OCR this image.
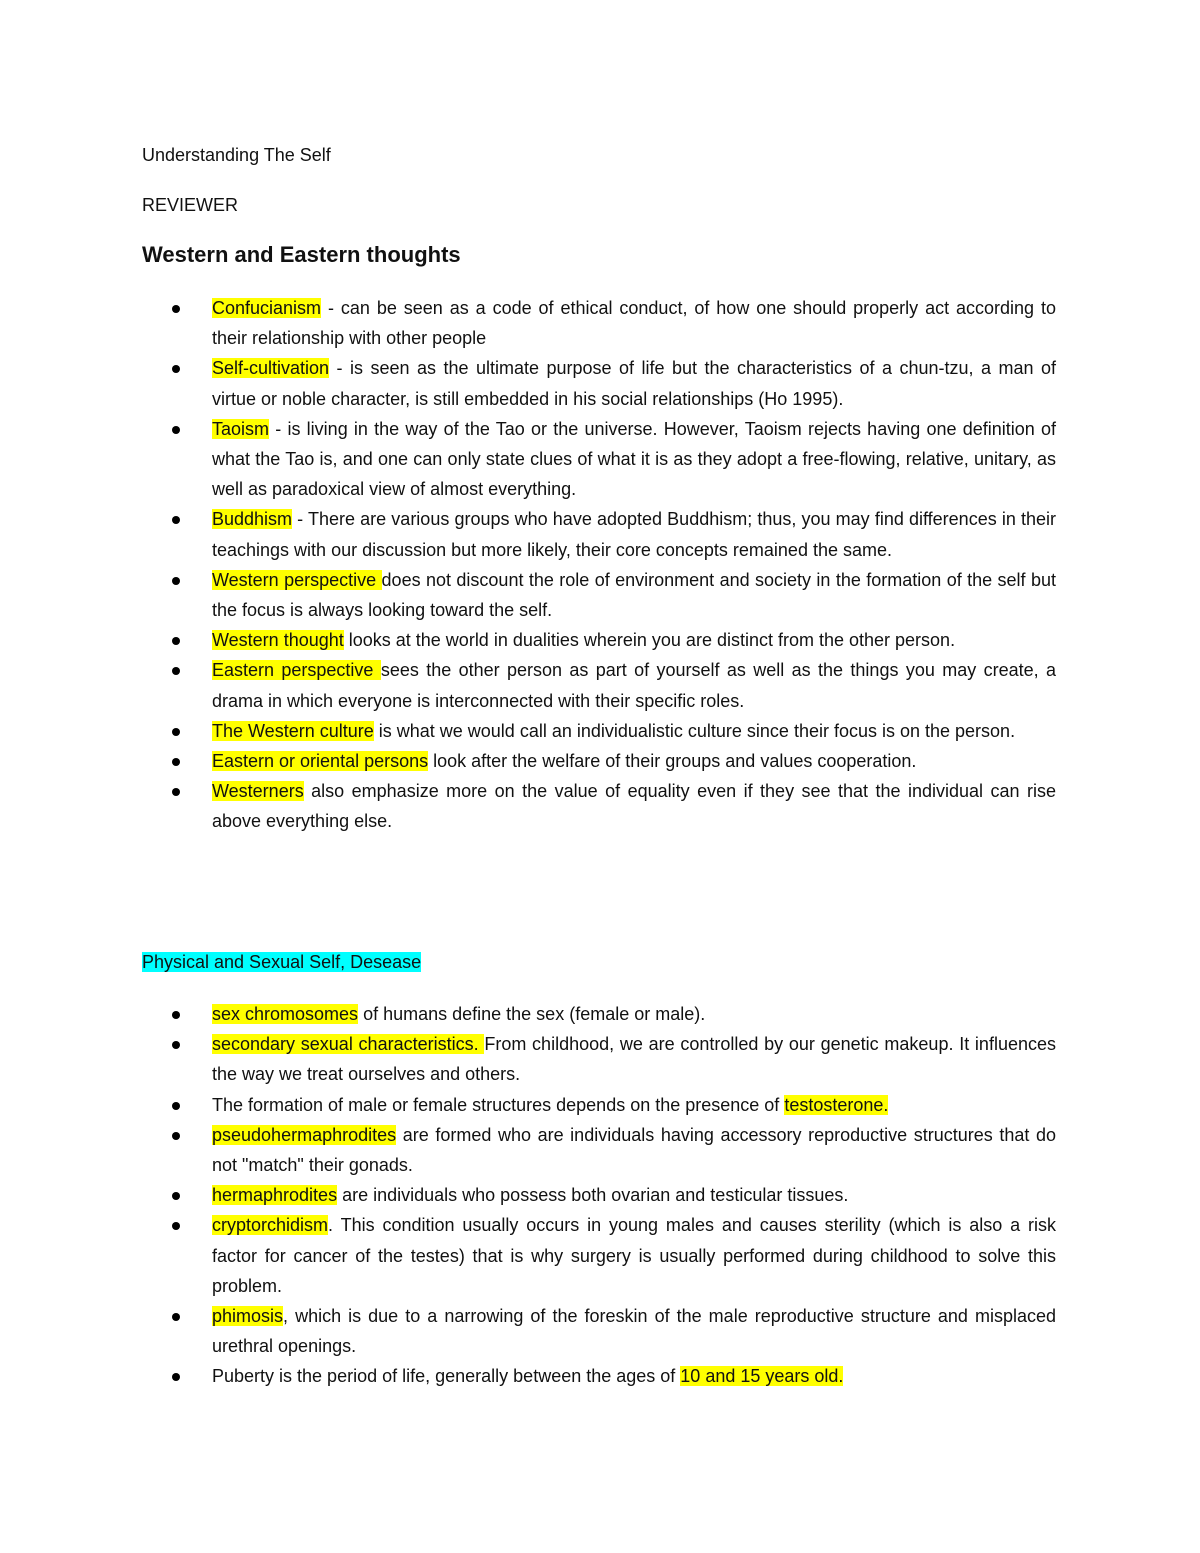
Understanding The Self
REVIEWER
Western and Eastern thoughts
Confucianism - can be seen as a code of ethical conduct, of how one should properly act according to their relationship with other people
Self-cultivation - is seen as the ultimate purpose of life but the characteristics of a chun-tzu, a man of virtue or noble character, is still embedded in his social relationships (Ho 1995).
Taoism - is living in the way of the Tao or the universe. However, Taoism rejects having one definition of what the Tao is, and one can only state clues of what it is as they adopt a free-flowing, relative, unitary, as well as paradoxical view of almost everything.
Buddhism - There are various groups who have adopted Buddhism; thus, you may find differences in their teachings with our discussion but more likely, their core concepts remained the same.
Western perspective does not discount the role of environment and society in the formation of the self but the focus is always looking toward the self.
Western thought looks at the world in dualities wherein you are distinct from the other person.
Eastern perspective sees the other person as part of yourself as well as the things you may create, a drama in which everyone is interconnected with their specific roles.
The Western culture is what we would call an individualistic culture since their focus is on the person.
Eastern or oriental persons look after the welfare of their groups and values cooperation.
Westerners also emphasize more on the value of equality even if they see that the individual can rise above everything else.
Physical and Sexual Self, Desease
sex chromosomes of humans define the sex (female or male).
secondary sexual characteristics. From childhood, we are controlled by our genetic makeup. It influences the way we treat ourselves and others.
The formation of male or female structures depends on the presence of testosterone.
pseudohermaphrodites are formed who are individuals having accessory reproductive structures that do not "match" their gonads.
hermaphrodites are individuals who possess both ovarian and testicular tissues.
cryptorchidism. This condition usually occurs in young males and causes sterility (which is also a risk factor for cancer of the testes) that is why surgery is usually performed during childhood to solve this problem.
phimosis, which is due to a narrowing of the foreskin of the male reproductive structure and misplaced urethral openings.
Puberty is the period of life, generally between the ages of 10 and 15 years old.
